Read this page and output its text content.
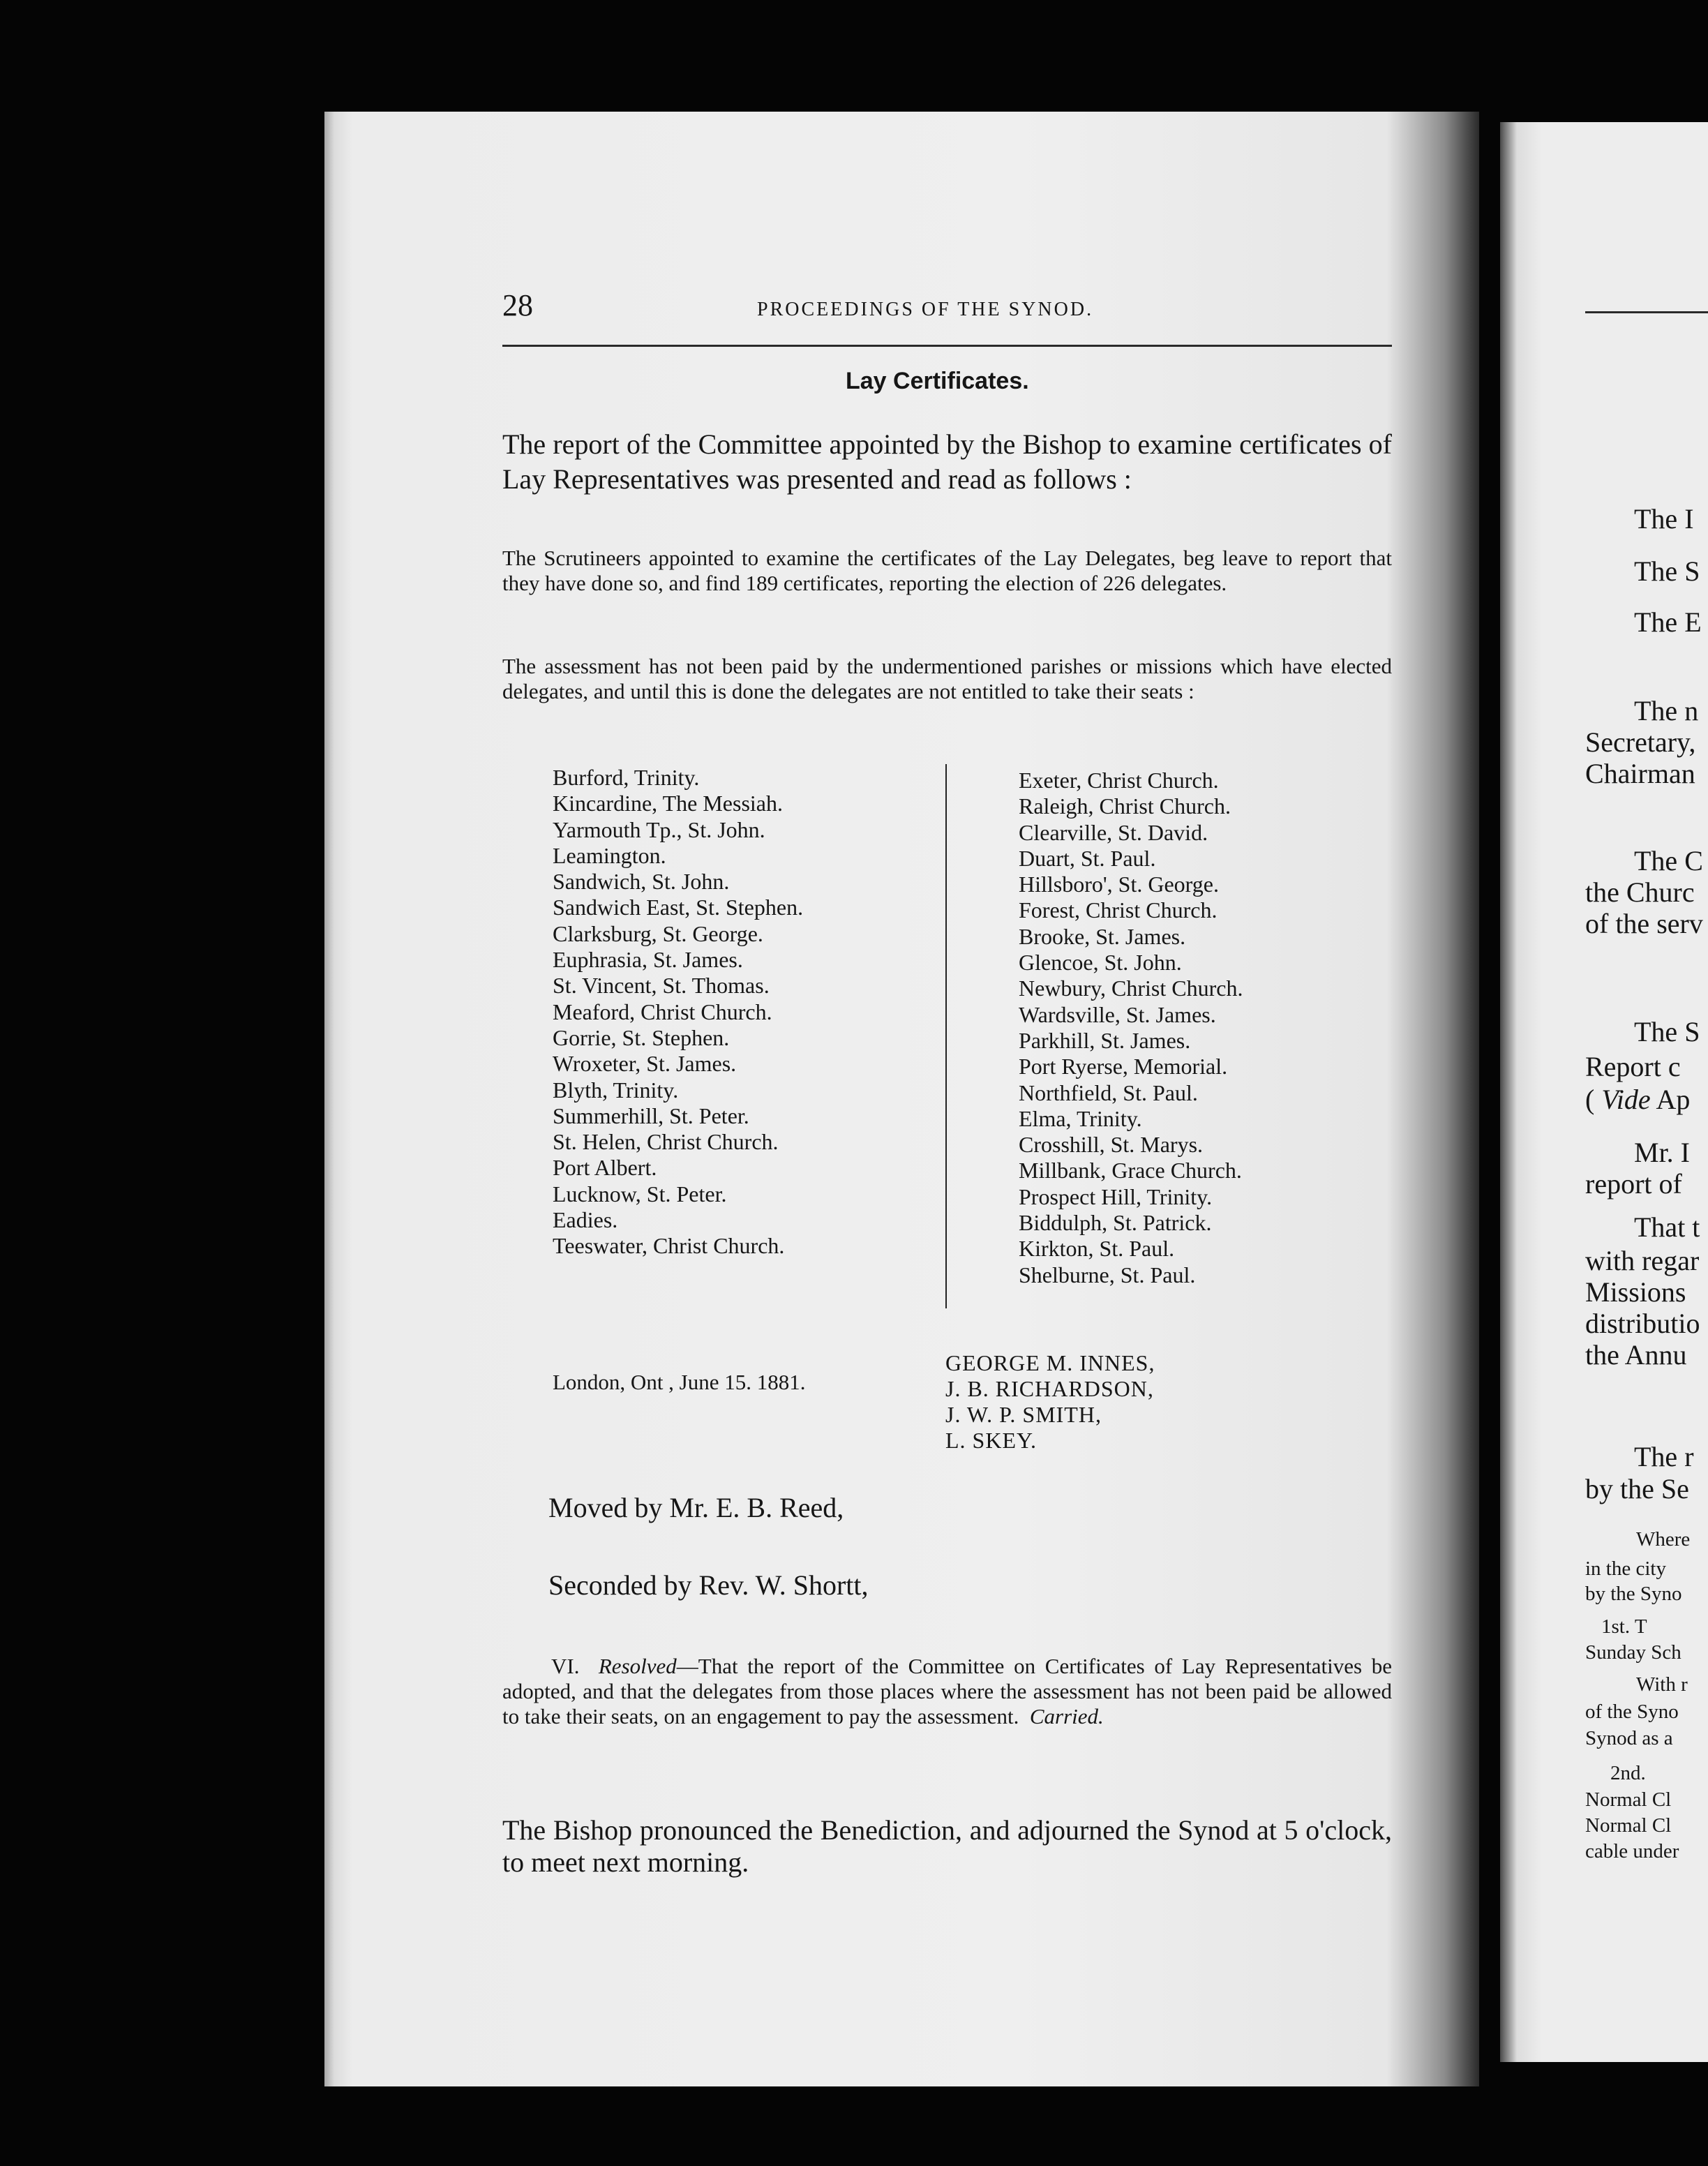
28	PROCEEDINGS OF THE SYNOD.
Lay Certificates.
The report of the Committee appointed by the Bishop to examine certificates of Lay Representatives was presented and read as follows :
The Scrutineers appointed to examine the certificates of the Lay Delegates, beg leave to report that they have done so, and find 189 certificates, reporting the election of 226 delegates.
The assessment has not been paid by the undermentioned parishes or missions which have elected delegates, and until this is done the delegates are not entitled to take their seats :
Burford, Trinity.
Kincardine, The Messiah.
Yarmouth Tp., St. John.
Leamington.
Sandwich, St. John.
Sandwich East, St. Stephen.
Clarksburg, St. George.
Euphrasia, St. James.
St. Vincent, St. Thomas.
Meaford, Christ Church.
Gorrie, St. Stephen.
Wroxeter, St. James.
Blyth, Trinity.
Summerhill, St. Peter.
St. Helen, Christ Church.
Port Albert.
Lucknow, St. Peter.
Eadies.
Teeswater, Christ Church.
Exeter, Christ Church.
Raleigh, Christ Church.
Clearville, St. David.
Duart, St. Paul.
Hillsboro', St. George.
Forest, Christ Church.
Brooke, St. James.
Glencoe, St. John.
Newbury, Christ Church.
Wardsville, St. James.
Parkhill, St. James.
Port Ryerse, Memorial.
Northfield, St. Paul.
Elma, Trinity.
Crosshill, St. Marys.
Millbank, Grace Church.
Prospect Hill, Trinity.
Biddulph, St. Patrick.
Kirkton, St. Paul.
Shelburne, St. Paul.
London, Ont , June 15. 1881.
GEORGE M. INNES,
J. B. RICHARDSON,
J. W. P. SMITH,
L. SKEY.
Moved by Mr. E. B. Reed,
Seconded by Rev. W. Shortt,
VI. Resolved—That the report of the Committee on Certificates of Lay Representatives be adopted, and that the delegates from those places where the assessment has not been paid be allowed to take their seats, on an engagement to pay the assessment. Carried.
The Bishop pronounced the Benediction, and adjourned the Synod at 5 o'clock, to meet next morning.
The I
The S
The E
The n
Secretary,
Chairman
The C
the Churc
of the serv
The S
Report c
( Vide Ap
Mr. I
report of
That t
with regar
Missions
distributio
the Annu
The r
by the Se
Where
in the city
by the Syno
1st. T
Sunday Sch
With r
of the Syno
Synod as a
2nd.
Normal Cl
Normal Cl
cable under
